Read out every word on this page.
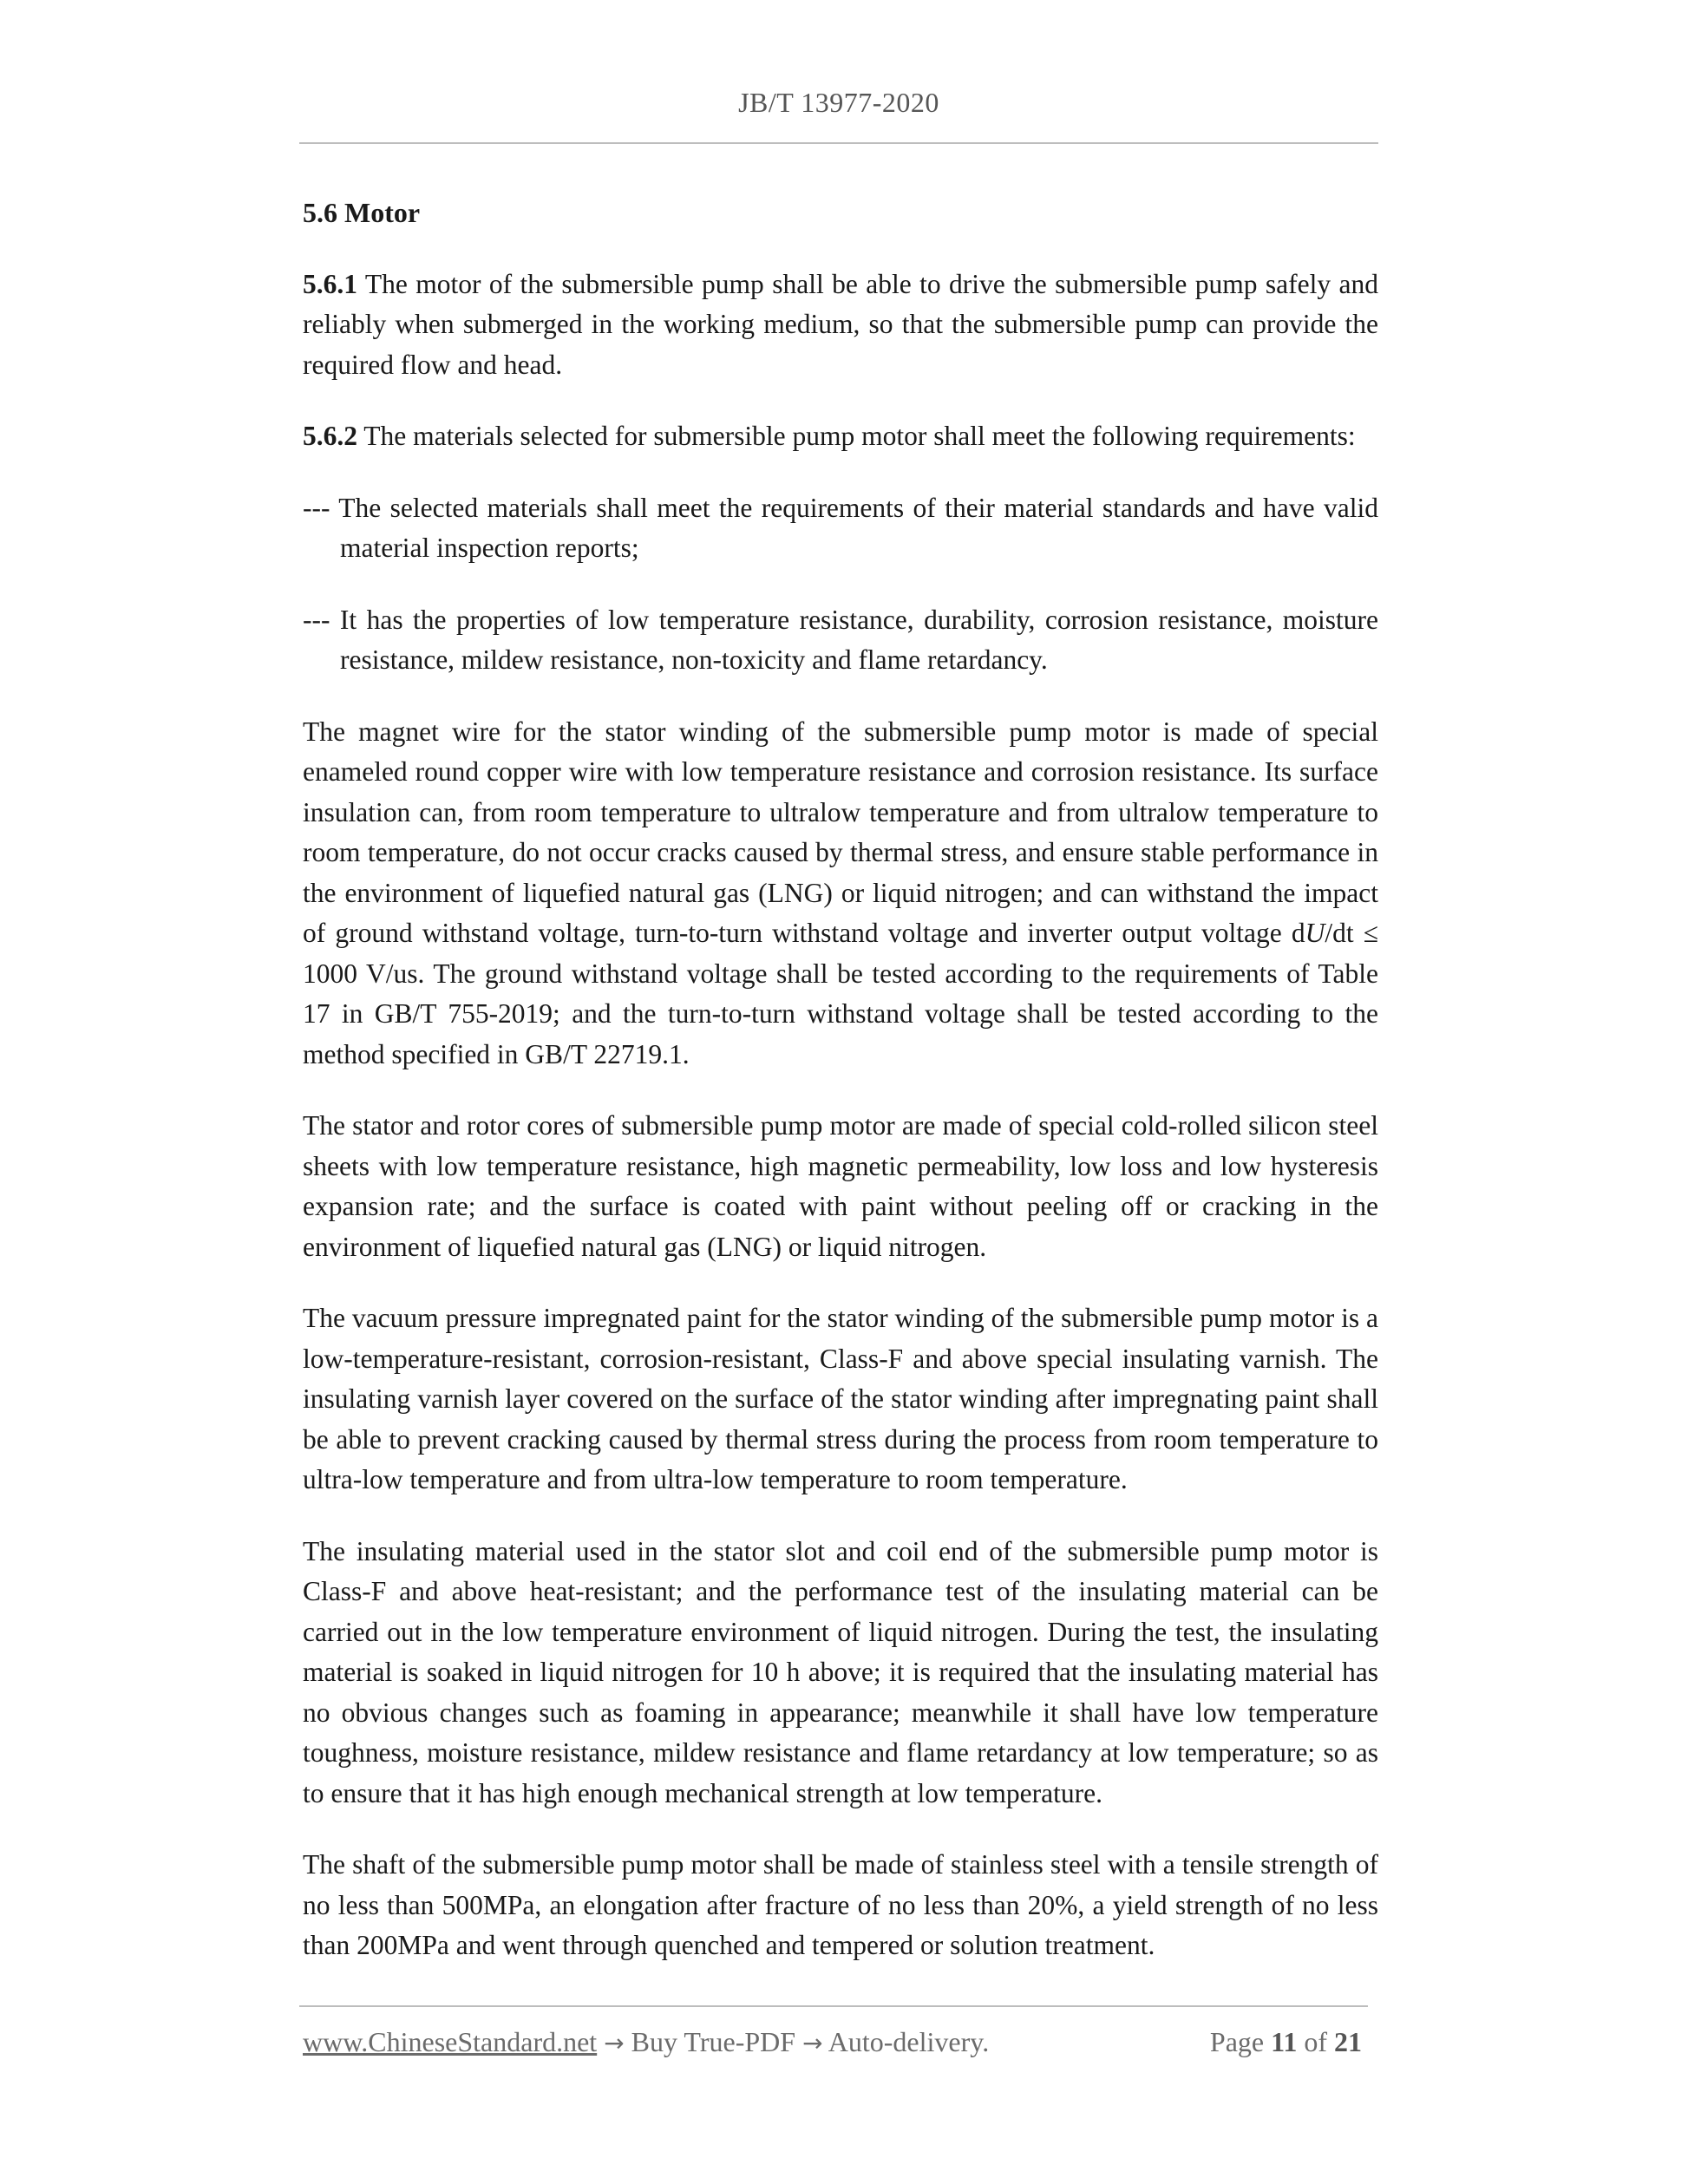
JB/T 13977-2020

5.6 Motor

5.6.1 The motor of the submersible pump shall be able to drive the submersible pump safely and reliably when submerged in the working medium, so that the submersible pump can provide the required flow and head.

5.6.2 The materials selected for submersible pump motor shall meet the following requirements:

--- The selected materials shall meet the requirements of their material standards and have valid material inspection reports;

--- It has the properties of low temperature resistance, durability, corrosion resistance, moisture resistance, mildew resistance, non-toxicity and flame retardancy.

The magnet wire for the stator winding of the submersible pump motor is made of special enameled round copper wire with low temperature resistance and corrosion resistance. Its surface insulation can, from room temperature to ultralow temperature and from ultralow temperature to room temperature, do not occur cracks caused by thermal stress, and ensure stable performance in the environment of liquefied natural gas (LNG) or liquid nitrogen; and can withstand the impact of ground withstand voltage, turn-to-turn withstand voltage and inverter output voltage dU/dt ≤ 1000 V/us. The ground withstand voltage shall be tested according to the requirements of Table 17 in GB/T 755-2019; and the turn-to-turn withstand voltage shall be tested according to the method specified in GB/T 22719.1.

The stator and rotor cores of submersible pump motor are made of special cold-rolled silicon steel sheets with low temperature resistance, high magnetic permeability, low loss and low hysteresis expansion rate; and the surface is coated with paint without peeling off or cracking in the environment of liquefied natural gas (LNG) or liquid nitrogen.

The vacuum pressure impregnated paint for the stator winding of the submersible pump motor is a low-temperature-resistant, corrosion-resistant, Class-F and above special insulating varnish. The insulating varnish layer covered on the surface of the stator winding after impregnating paint shall be able to prevent cracking caused by thermal stress during the process from room temperature to ultra-low temperature and from ultra-low temperature to room temperature.

The insulating material used in the stator slot and coil end of the submersible pump motor is Class-F and above heat-resistant; and the performance test of the insulating material can be carried out in the low temperature environment of liquid nitrogen. During the test, the insulating material is soaked in liquid nitrogen for 10 h above; it is required that the insulating material has no obvious changes such as foaming in appearance; meanwhile it shall have low temperature toughness, moisture resistance, mildew resistance and flame retardancy at low temperature; so as to ensure that it has high enough mechanical strength at low temperature.

The shaft of the submersible pump motor shall be made of stainless steel with a tensile strength of no less than 500MPa, an elongation after fracture of no less than 20%, a yield strength of no less than 200MPa and went through quenched and tempered or solution treatment.

www.ChineseStandard.net → Buy True-PDF → Auto-delivery.	Page 11 of 21
